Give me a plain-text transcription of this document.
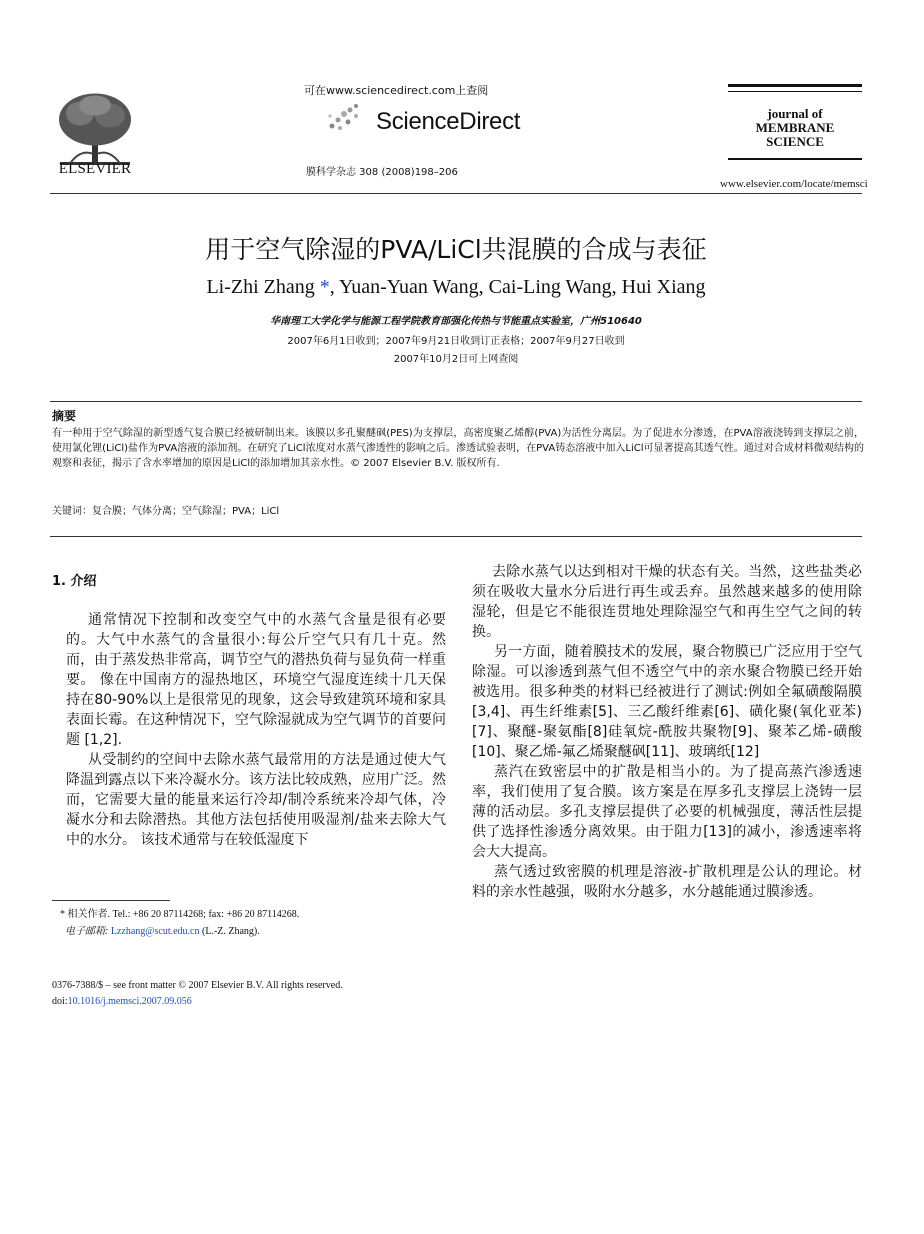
ELSEVIER
可在www.sciencedirect.com上查阅
ScienceDirect
膜科学杂志 308 (2008)198–206
journal of
MEMBRANE
SCIENCE
www.elsevier.com/locate/memsci
用于空气除湿的PVA/LiCl共混膜的合成与表征
Li-Zhi Zhang *, Yuan-Yuan Wang, Cai-Ling Wang, Hui Xiang
华南理工大学化学与能源工程学院教育部强化传热与节能重点实验室，广州510640
2007年6月1日收到；2007年9月21日收到订正表格；2007年9月27日收到
2007年10月2日可上网查阅
摘要
有一种用于空气除湿的新型透气复合膜已经被研制出来。该膜以多孔聚醚砜(PES)为支撑层，高密度聚乙烯醇(PVA)为活性分离层。为了促进水分渗透，在PVA溶液浇铸到支撑层之前，使用氯化锂(LiCl)盐作为PVA溶液的添加剂。在研究了LiCl浓度对水蒸气渗透性的影响之后。渗透试验表明，在PVA铸态溶液中加入LiCl可显著提高其透气性。通过对合成材料微观结构的观察和表征，揭示了含水率增加的原因是LiCl的添加增加其亲水性。© 2007 Elsevier B.V. 版权所有.
关键词：复合膜；气体分离；空气除湿；PVA；LiCl
1. 介绍

通常情况下控制和改变空气中的水蒸气含量是很有必要的。大气中水蒸气的含量很小:每公斤空气只有几十克。然而，由于蒸发热非常高，调节空气的潜热负荷与显负荷一样重要。 像在中国南方的湿热地区，环境空气湿度连续十几天保持在80-90%以上是很常见的现象，这会导致建筑环境和家具表面长霉。在这种情况下，空气除湿就成为空气调节的首要问题 [1,2].

从受制约的空间中去除水蒸气最常用的方法是通过使大气降温到露点以下来冷凝水分。该方法比较成熟，应用广泛。然而，它需要大量的能量来运行冷却/制冷系统来冷却气体，冷凝水分和去除潜热。其他方法包括使用吸湿剂/盐来去除大气中的水分。 该技术通常与在较低湿度下

去除水蒸气以达到相对干燥的状态有关。当然，这些盐类必须在吸收大量水分后进行再生或丢弃。虽然越来越多的使用除湿轮，但是它不能很连贯地处理除湿空气和再生空气之间的转换。

另一方面，随着膜技术的发展，聚合物膜已广泛应用于空气除湿。可以渗透到蒸气但不透空气中的亲水聚合物膜已经开始被选用。很多种类的材料已经被进行了测试:例如全氟磺酸隔膜[3,4]、再生纤维素[5]、三乙酸纤维素[6]、磺化聚(氧化亚苯)[7]、聚醚-聚氨酯[8]硅氧烷-酰胺共聚物[9]、聚苯乙烯-磺酸[10]、聚乙烯-氟乙烯聚醚砜[11]、玻璃纸[12]

蒸汽在致密层中的扩散是相当小的。为了提高蒸汽渗透速率，我们使用了复合膜。该方案是在厚多孔支撑层上浇铸一层薄的活动层。多孔支撑层提供了必要的机械强度，薄活性层提供了选择性渗透分离效果。由于阻力[13]的减小，渗透速率将会大大提高。

蒸气透过致密膜的机理是溶液-扩散机理是公认的理论。材料的亲水性越强，吸附水分越多，水分越能通过膜渗透。

* 相关作者. Tel.: +86 20 87114268; fax: +86 20 87114268.
电子邮箱: Lzzhang@scut.edu.cn (L.-Z. Zhang).
0376-7388/$ – see front matter © 2007 Elsevier B.V. All rights reserved.
doi:10.1016/j.memsci.2007.09.056
